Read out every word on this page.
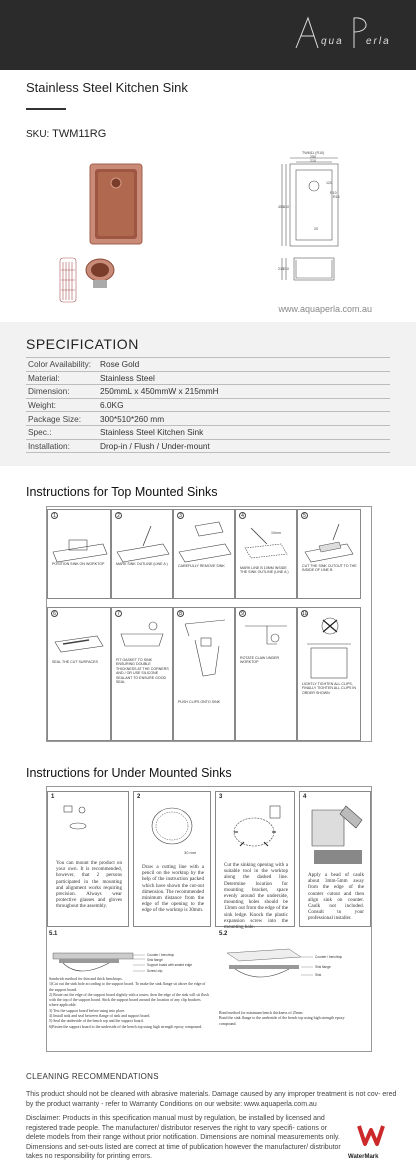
qua erla
Stainless Steel Kitchen Sink
SKU: TWM11RG
TWM11 (R10)
250
210
450 410
120
R10
R14
20
215 210
www.aquaperla.com.au
SPECIFICATION
Color Availability:	Rose Gold
Material:	Stainless Steel
Dimension:	250mmL x 450mmW x 215mmH
Weight:	6.0KG
Package Size:	300*510*260 mm
Spec.:	Stainless Steel Kitchen Sink
Installation:	Drop-in / Flush / Under-mount
Instructions for Top Mounted Sinks
1
POSITION SINK ON WORKTOP
2
MARK SINK OUTLINE (LINE A )
3
CAREFULLY REMOVE SINK
4
10mm
MARK LINE B 10MM INSIDE THE SINK OUTLINE (LINE A )
5
CUT THE SINK CUTOUT TO THE INSIDE OF LINE B
6
SEAL THE CUT SURFACES
7
FIT GASKET TO SINK ENSURING DOUBLE THICKNESS AT THE CORNERS AND / OR USE SILICONE SEALANT TO ENSURE GOOD SEAL
8
PUSH CLIPS ONTO SINK
9
ROTATE CLAW UNDER WORKTOP
10
LIGHTLY TIGHTEN ALL CLIPS, FINALLY TIGHTEN ALL CLIPS IN ORDER SHOWN
Instructions for Under Mounted Sinks
1
You can mount the product on your own. It is recommended, however, that 2 persons participated in the mounting and alignment works requiring precision. Always wear protective glasses and gloves throughout the assembly.
2
30 mm
Draw a cutting line with a pencil on the worktop by the help of the instruction packed which have shown the cut-out dimension. The recommended minimum distance from the edge of the opening to the edge of the worktop is 30mm.
3
Cut the sinking opening with a suitable tool in the worktop along the dashed line. Determine location for mounting bracket, space evenly around the underside, mounting holes should be 13mm out from the edge of the sink ledge. Knock the plastic expansion screw into the mounting hole.
4
Apply a bead of caulk about 3mm-5mm away from the edge of the counter cutout and then align sink on counter. Caulk not included. Consult to your professional installer.
5.1
Counter / benchtop
Sink flange
Support board with sealed edge
Screw/ clip
Sandwich method for thin and thick benchtops.
1)Cut out the sink hole according to the support board. To make the sink flange sit above the edge of the support board.
2) Route out the edge of the support board slightly with a router, then the edge of the sink will sit flush with the top of the support board. Stick the support board around the location of any clip brackets where applicable.
3) Test the support board before using into place.
4) Install sink and seal between flange of sink and support board.
5) Seal the underside of the bench top and the support board.
6)Fasten the support board to the underside of the bench top using high strength epoxy compound.
5.2
Counter / benchtop
Sink flange
Sink
Bond method for minimum bench thickness of 25mm
Bond the sink flange to the underside of the bench top using high strength epoxy compound.
CLEANING RECOMMENDATIONS
This product should not be cleaned with abrasive materials. Damage caused by any improper treatment is not cov- ered by the product warranty - refer to Warranty Conditions on our website: www.aquaperla.com.au
Disclaimer: Products in this specification manual must by regulation, be installed by licensed and registered trade people. The manufacturer/ distributor reserves the right to vary specifi- cations or delete models from their range without prior notification. Dimensions are nominal measurements only. Dimensions and set-outs listed are correct at time of publication however the manufacturer/ distributor takes no responsibility for printing errors.	WaterMark
